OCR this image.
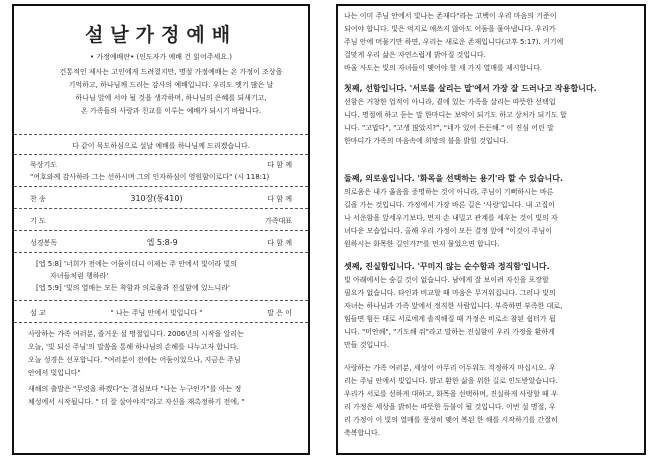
설날가정예배
• 가정예배란• (인도자가 예배 건 읽어주세요.)
건통적인 제사는 고인에게 드려졌지만, 명절 가정예배는 온 가정이 조상을
기억하고, 하나님께 드리는 감사의 예배입니다. 우리도 옛기 많은 날
하나님 앞에 서야 될 것을 생각하며, 하나님의 은혜를 되새기고,
온 가족들의 사랑과 친교를 이루는 예배가 되시기 바랍니다.
다 같이 묵도하심으로 설날 예배를 하나님께 드리겠습니다.
묵상기도	다 함 께
"여호와께 감사하라 그는 선하시며 그의 인자하심이 영원함이로다" (시 118:1)
찬 송	310장(통410)	다 함 께
기 도	가족대표
성경봉독	엡 5:8-9	다 함 께
[엡 5:8] '너희가 전에는 어둠이더니 이제는 주 안에서 빛이라 빛의
자녀들처럼 행하라'
[엡 5:9] '빛의 열매는 모든 착함과 의로움과 진실함에 있느니라'
설 교	" 나는 주님 안에서 빛입니다 "	말 은 이
사랑하는 가족 여러분, 즐거운 설 명절입니다. 2006년의 시작을 알리는
오늘, '빛 되신 주님'의 말씀을 통해 하나님의 손헤를 나누고자 합니다.
오늘 성경은 선포합니다. "여러분이 전에는 어둠이었으나, 지금은 주님
안에서 빛입니다"
새해의 출발은 "무엇을 하겠다"는 결심보다 "나는 누구인가"를 아는 정
체성에서 시작됩니다. " 더 잘 살아야지"라고 자신을 재촉정하기 전에, "
나는 이미 주님 안에서 빛나는 존재다"라는 고백이 우리 마음의 기준이
되어야 합니다. 빛은 억지로 애쓰지 않아도 어둠을 물아냅니다. 우리가
주님 안에 머물기만 하면, 우리는 새로운 존재입니다(고후 5:17). 거기에
걸맞게 우리 삶은 자연스럽게 밝아질 것입니다.
바울 사도는 빛의 자녀들이 맺어야 할 세 가지 열매를 제시합니다.
첫째, 선함입니다. '서로를 살리는 말'에서 가장 잘 드러나고 작용합니다.
선함은 거창한 업적이 아니라, 곁에 있는 가족을 살리는 따뜻한 선택입
니다. 명절에 하고 듣는 말 한마디는 보약이 되기도 하고 상처가 되기도 합
니다. "고맙다", "고생 많았지?", "네가 있어 든든해." 이 진심 어린 말
한마디가 가족의 마음속에 희망의 불을 밝힐 것입니다.
둘째, 의로움입니다. '화목을 선택하는 용기'라 할 수 있습니다.
의로움은 내가 옳음을 증명하는 것이 아니라, 주님이 기뻐하시는 바른
길을 가는 것입니다. 가정에서 가장 바른 길은 '사랑'입니다. 내 고집이
나 서운함을 앞세우기보다, 먼저 손 내밀고 관계를 세우는 것이 빛의 자
녀다운 모습입니다. 올해 우리 가정이 모든 결정 앞에 "이것이 주님이
원하시는 화목한 길인가?"를 먼저 물었으면 합니다.
셋째, 진실함입니다. '꾸미지 않는 순수함과 정직함'입니다.
빛 아래에서는 숨길 것이 없습니다. 남에게 잘 보이려 자신을 포장할
필요가 없습니다. 타인과 비교할 때 마음은 무거워집니다. 그러나 빛의
자녀는 하나님과 가족 앞에서 정직한 사람입니다. 부족하면 부족한 대로,
힘들면 힘든 대로 서로에게 솔직해질 때 가정은 비로소 참된 쉼터가 됩
니다. "미안해", "기도해 줘"라고 말하는 진실함이 우리 가정을 환하게
만들 것입니다.
사랑하는 가족 여러분, 세상이 아무리 어두워도 걱정하지 마십시오. 우
리는 주님 안에서 빛입니다. 밝고 환한 삶을 위한 길로 인도받았습니다.
우리가 서로를 선하게 대하고, 화목을 선택하며, 진실하게 사랑할 때 우
리 가정은 세상을 밝히는 따뜻한 등불이 될 것입니다. 이번 설 명절, 우
리 가정이 이 빛의 열매를 풍성히 맺어 복된 한 해를 시작하기를 간절히
축복합니다.
